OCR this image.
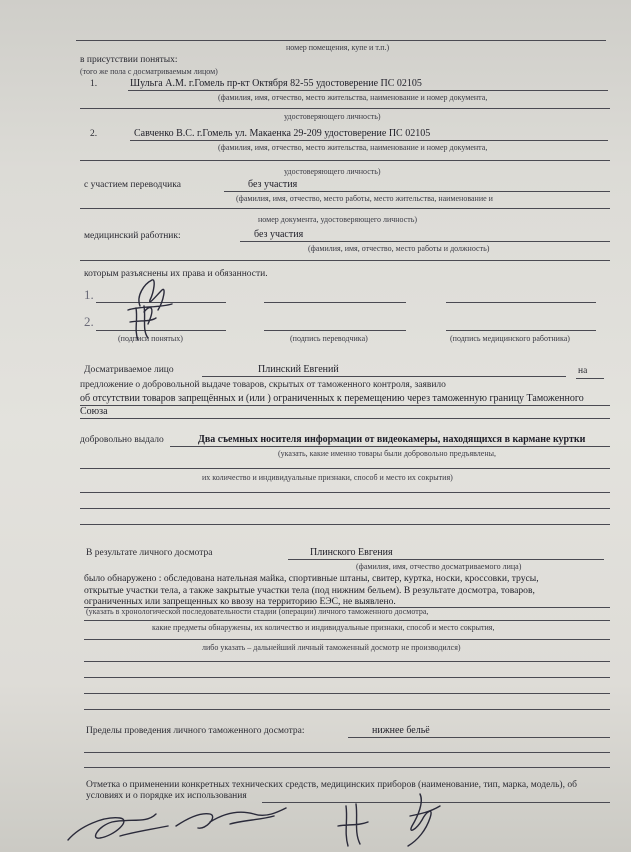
номер помещения, купе и т.п.)
в присутствии понятых:
(того же пола с досматриваемым лицом)
1.	Шульга А.М. г.Гомель пр-кт Октября 82-55 удостоверение ПС 02105
(фамилия, имя, отчество, место жительства, наименование и номер документа,
удостоверяющего личность)
2.	Савченко В.С. г.Гомель ул. Макаенка 29-209 удостоверение ПС 02105
(фамилия, имя, отчество, место жительства, наименование и номер документа,
удостоверяющего личность)
с участием переводчика	без участия
(фамилия, имя, отчество, место работы, место жительства, наименование и
номер документа, удостоверяющего личность)
медицинский работник:	без участия
(фамилия, имя, отчество, место работы и должность)
которым разъяснены их права и обязанности.
1.
2.
(подписи понятых)	(подпись переводчика)	(подпись медицинского работника)
Досматриваемое лицо	Плинский Евгений	на
предложение о добровольной выдаче товаров, скрытых от таможенного контроля, заявило
об отсутствии товаров запрещённых и (или ) ограниченных к перемещению через таможенную границу Таможенного
Союза
добровольно выдало	Два съемных носителя информации от видеокамеры, находящихся в кармане куртки
(указать, какие именно товары были добровольно предъявлены,
их количество и индивидуальные признаки, способ и место их сокрытия)
В результате личного досмотра	Плинского Евгения
(фамилия, имя, отчество досматриваемого лица)
было обнаружено : обследована нательная майка, спортивные штаны, свитер, куртка, носки, кроссовки, трусы,
открытые участки тела, а также закрытые участки тела (под нижним бельем). В результате досмотра, товаров,
ограниченных или запрещенных ко ввозу на территорию ЕЭС, не выявлено.
(указать в хронологической последовательности стадии (операции) личного таможенного досмотра,
какие предметы обнаружены, их количество и индивидуальные признаки, способ и место сокрытия,
либо указать – дальнейший личный таможенный досмотр не производился)
Пределы проведения личного таможенного досмотра:	нижнее бельё
Отметка о применении конкретных технических средств, медицинских приборов (наименование, тип, марка, модель), об
условиях и о порядке их использования
